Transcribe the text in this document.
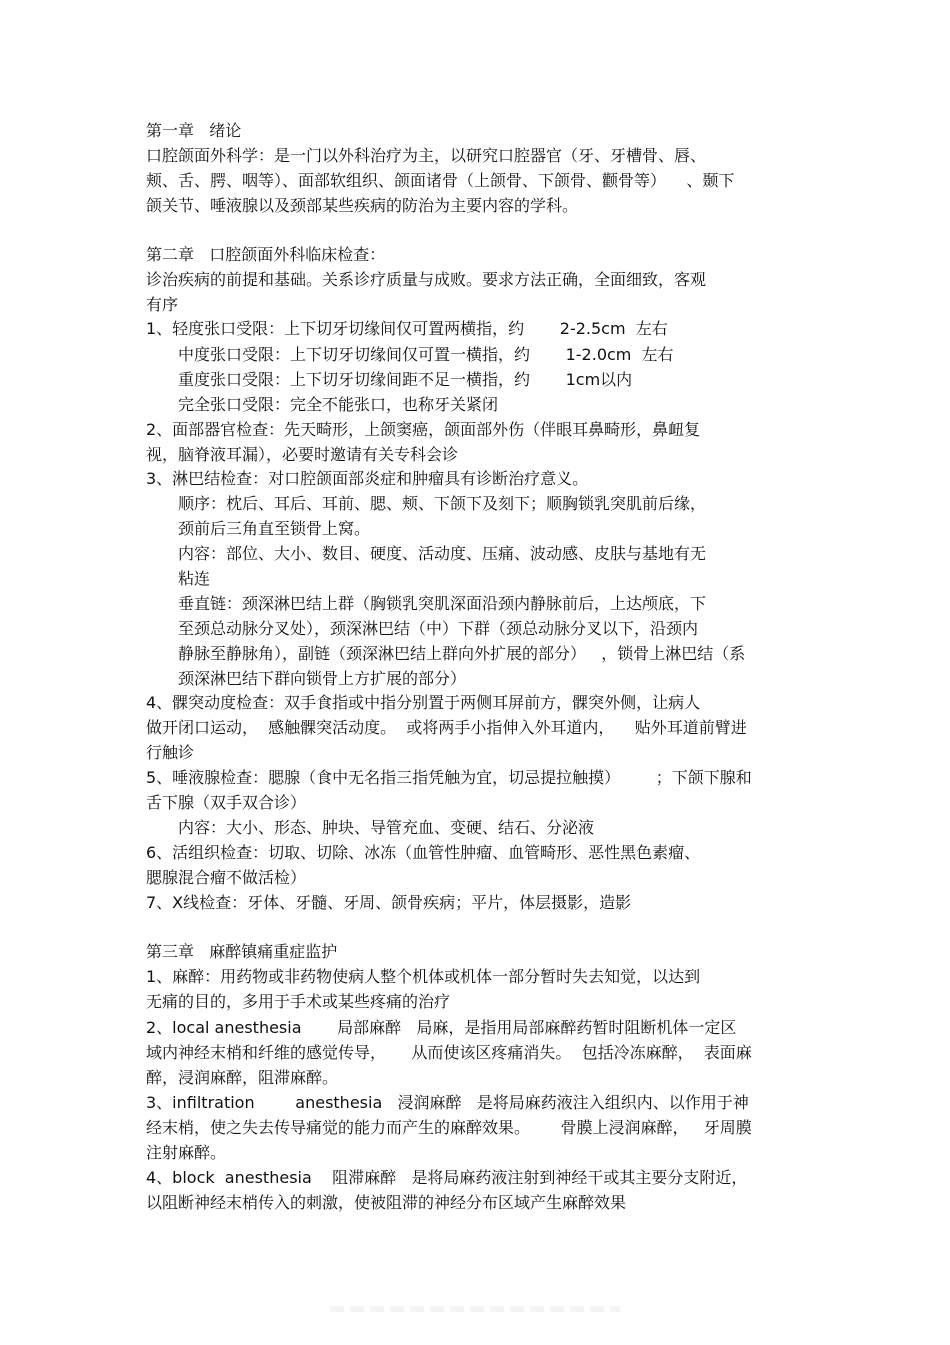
第一章   绪论
口腔颌面外科学：是一门以外科治疗为主，以研究口腔器官（牙、牙槽骨、唇、
颊、舌、腭、咽等）、面部软组织、颌面诸骨（上颌骨、下颌骨、颧骨等）    、颞下
颌关节、唾液腺以及颈部某些疾病的防治为主要内容的学科。
第二章   口腔颌面外科临床检查：
诊治疾病的前提和基础。关系诊疗质量与成败。要求方法正确，全面细致，客观
有序
1、轻度张口受限：上下切牙切缘间仅可置两横指，约       2-2.5cm  左右
中度张口受限：上下切牙切缘间仅可置一横指，约       1-2.0cm  左右
重度张口受限：上下切牙切缘间距不足一横指，约       1cm以内
完全张口受限：完全不能张口，也称牙关紧闭
2、面部器官检查：先天畸形，上颌窦癌，颌面部外伤（伴眼耳鼻畸形，鼻衄复
视，脑脊液耳漏），必要时邀请有关专科会诊
3、淋巴结检查：对口腔颌面部炎症和肿瘤具有诊断治疗意义。
顺序：枕后、耳后、耳前、腮、颊、下颌下及刻下；顺胸锁乳突肌前后缘，
颈前后三角直至锁骨上窝。
内容：部位、大小、数目、硬度、活动度、压痛、波动感、皮肤与基地有无
粘连
垂直链：颈深淋巴结上群（胸锁乳突肌深面沿颈内静脉前后，上达颅底，下
至颈总动脉分叉处），颈深淋巴结（中）下群（颈总动脉分叉以下，沿颈内
静脉至静脉角），副链（颈深淋巴结上群向外扩展的部分）   ，锁骨上淋巴结（系
颈深淋巴结下群向锁骨上方扩展的部分）
4、髁突动度检查：双手食指或中指分别置于两侧耳屏前方，髁突外侧，让病人
做开闭口运动，  感触髁突活动度。  或将两手小指伸入外耳道内，    贴外耳道前臂进
行触诊
5、唾液腺检查：腮腺（食中无名指三指凭触为宜，切忌提拉触摸）       ；下颌下腺和
舌下腺（双手双合诊）
内容：大小、形态、肿块、导管充血、变硬、结石、分泌液
6、活组织检查：切取、切除、冰冻（血管性肿瘤、血管畸形、恶性黑色素瘤、
腮腺混合瘤不做活检）
7、X线检查：牙体、牙髓、牙周、颌骨疾病；平片，体层摄影，造影
第三章   麻醉镇痛重症监护
1、麻醉：用药物或非药物使病人整个机体或机体一部分暂时失去知觉，以达到
无痛的目的，多用于手术或某些疼痛的治疗
2、local anesthesia       局部麻醉   局麻，是指用局部麻醉药暂时阻断机体一定区
域内神经末梢和纤维的感觉传导，     从而使该区疼痛消失。  包括冷冻麻醉，  表面麻
醉，浸润麻醉，阻滞麻醉。
3、infiltration        anesthesia   浸润麻醉   是将局麻药液注入组织内、以作用于神
经末梢，使之失去传导痛觉的能力而产生的麻醉效果。      骨膜上浸润麻醉，   牙周膜
注射麻醉。
4、block  anesthesia    阻滞麻醉   是将局麻药液注射到神经干或其主要分支附近，
以阻断神经末梢传入的刺激，使被阻滞的神经分布区域产生麻醉效果
